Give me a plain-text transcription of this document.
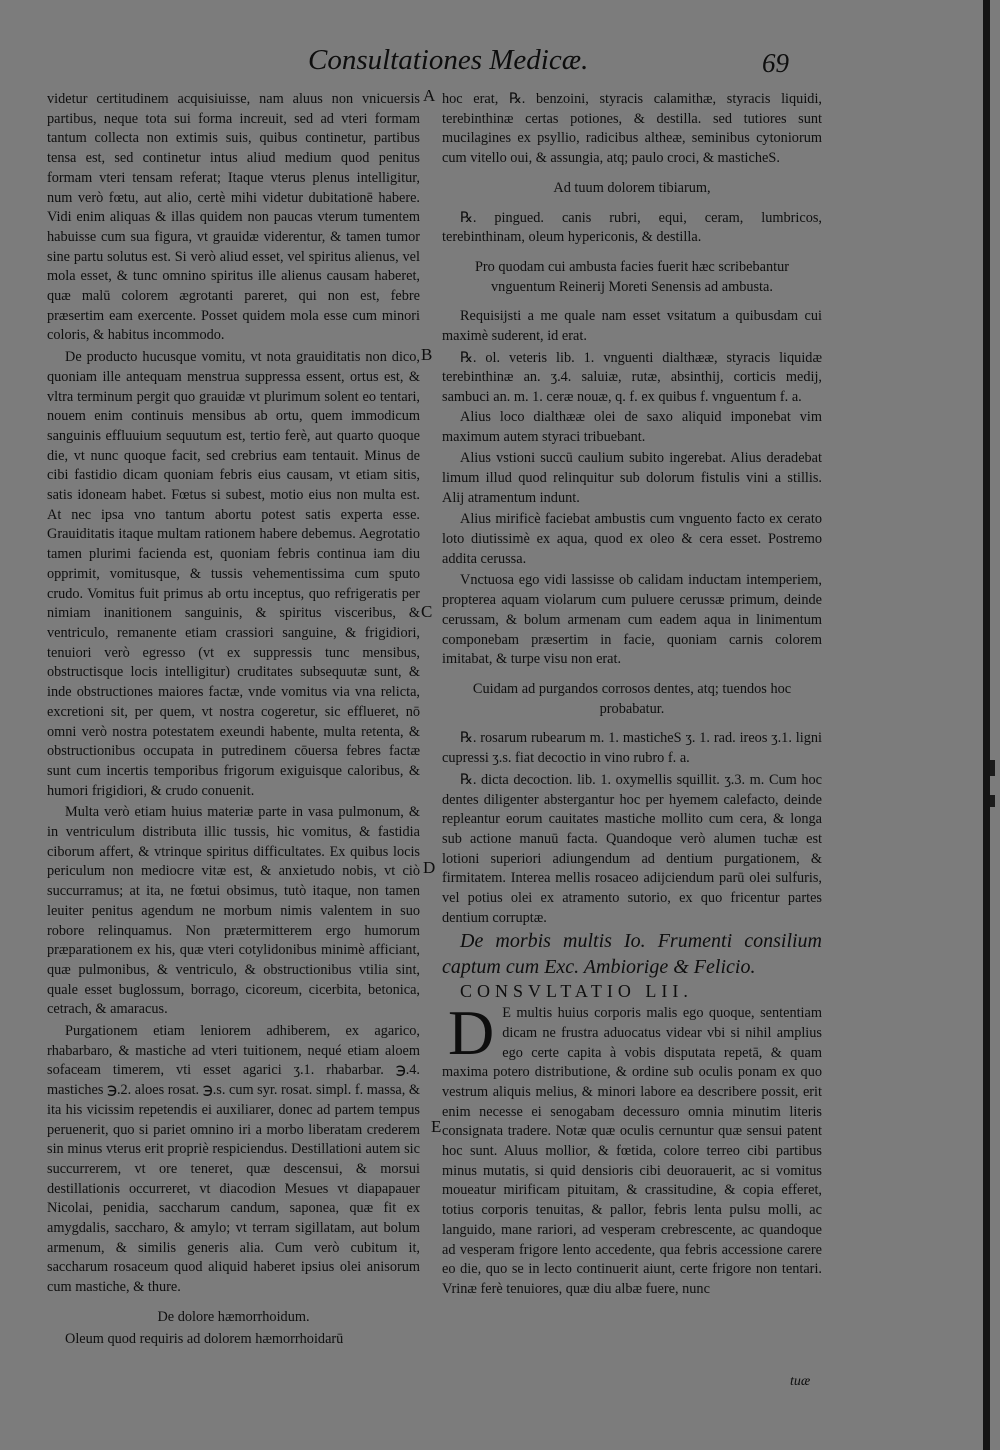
Consultationes Medicæ.	69
A
B
C
D
E

videtur certitudinem acquisiuisse, nam aluus non vnicuersis partibus, neque tota sui forma increuit, sed ad vteri formam tantum collecta non extimis suis, quibus continetur, partibus tensa est, sed continetur intus aliud medium quod penitus formam vteri tensam referat; Itaque vterus plenus intelligitur, num verò fœtu, aut alio, certè mihi videtur dubitationē habere. Vidi enim aliquas & illas quidem non paucas vterum tumentem habuisse cum sua figura, vt grauidæ viderentur, & tamen tumor sine partu solutus est. Si verò aliud esset, vel spiritus alienus, vel mola esset, & tunc omnino spiritus ille alienus causam haberet, quæ malū colorem ægrotanti pareret, qui non est, febre præsertim eam exercente. Posset quidem mola esse cum minori coloris, & habitus incommodo.

De producto hucusque vomitu, vt nota grauiditatis non dico, quoniam ille antequam menstrua suppressa essent, ortus est, & vltra terminum pergit quo grauidæ vt plurimum solent eo tentari, nouem enim continuis mensibus ab ortu, quem immodicum sanguinis effluuium sequutum est, tertio ferè, aut quarto quoque die, vt nunc quoque facit, sed crebrius eam tentauit. Minus de cibi fastidio dicam quoniam febris eius causam, vt etiam sitis, satis idoneam habet. Fœtus si subest, motio eius non multa est. At nec ipsa vno tantum abortu potest satis experta esse. Grauiditatis itaque multam rationem habere debemus. Aegrotatio tamen plurimi facienda est, quoniam febris continua iam diu opprimit, vomitusque, & tussis vehementissima cum sputo crudo. Vomitus fuit primus ab ortu inceptus, quo refrigeratis per nimiam inanitionem sanguinis, & spiritus visceribus, & ventriculo, remanente etiam crassiori sanguine, & frigidiori, tenuiori verò egresso (vt ex suppressis tunc mensibus, obstructisque locis intelligitur) cruditates subsequutæ sunt, & inde obstructiones maiores factæ, vnde vomitus via vna relicta, excretioni sit, per quem, vt nostra cogeretur, sic efflueret, nō omni verò nostra potestatem exeundi habente, multa retenta, & obstructionibus occupata in putredinem cōuersa febres factæ sunt cum incertis temporibus frigorum exiguisque caloribus, & humori frigidiori, & crudo conuenit.

Multa verò etiam huius materiæ parte in vasa pulmonum, & in ventriculum distributa illic tussis, hic vomitus, & fastidia ciborum affert, & vtrinque spiritus difficultates. Ex quibus locis periculum non mediocre vitæ est, & anxietudo nobis, vt ciò succurramus; at ita, ne fœtui obsimus, tutò itaque, non tamen leuiter penitus agendum ne morbum nimis valentem in suo robore relinquamus. Non prætermitterem ergo humorum præparationem ex his, quæ vteri cotylidonibus minimè afficiant, quæ pulmonibus, & ventriculo, & obstructionibus vtilia sint, quale esset buglossum, borrago, cicoreum, cicerbita, betonica, cetrach, & amaracus.

Purgationem etiam leniorem adhiberem, ex agarico, rhabarbaro, & mastiche ad vteri tuitionem, nequé etiam aloem sofaceam timerem, vti esset agarici ʒ.1. rhabarbar. ℈.4. mastiches ℈.2. aloes rosat. ℈.s. cum syr. rosat. simpl. f. massa, & ita his vicissim repetendis ei auxiliarer, donec ad partem tempus peruenerit, quo si pariet omnino iri a morbo liberatam crederem sin minus vterus erit propriè respiciendus. Destillationi autem sic succurrerem, vt ore teneret, quæ descensui, & morsui destillationis occurreret, vt diacodion Mesues vt diapapauer Nicolai, penidia, saccharum candum, saponea, quæ fit ex amygdalis, saccharo, & amylo; vt terram sigillatam, aut bolum armenum, & similis generis alia. Cum verò cubitum it, saccharum rosaceum quod aliquid haberet ipsius olei anisorum cum mastiche, & thure.

De dolore hæmorrhoidum.

Oleum quod requiris ad dolorem hæmorrhoidarū

hoc erat, ℞. benzoini, styracis calamithæ, styracis liquidi, terebinthinæ certas potiones, & destilla. sed tutiores sunt mucilagines ex psyllio, radicibus altheæ, seminibus cytoniorum cum vitello oui, & assungia, atq; paulo croci, & masticheS.

Ad tuum dolorem tibiarum,

℞. pingued. canis rubri, equi, ceram, lumbricos, terebinthinam, oleum hypericonis, & destilla.

Pro quodam cui ambusta facies fuerit hæc scribebantur vnguentum Reinerij Moreti Senensis ad ambusta.

Requisijsti a me quale nam esset vsitatum a quibusdam cui maximè suderent, id erat.

℞. ol. veteris lib. 1. vnguenti dialthææ, styracis liquidæ terebinthinæ an. ʒ.4. saluiæ, rutæ, absinthij, corticis medij, sambuci an. m. 1. ceræ nouæ, q. f. ex quibus f. vnguentum f. a.

Alius loco dialthææ olei de saxo aliquid imponebat vim maximum autem styraci tribuebant.

Alius vstioni succū caulium subito ingerebat. Alius deradebat limum illud quod relinquitur sub dolorum fistulis vini a stillis. Alij atramentum indunt.

Alius mirificè faciebat ambustis cum vnguento facto ex cerato loto diutissimè ex aqua, quod ex oleo & cera esset. Postremo addita cerussa.

Vnctuosa ego vidi lassisse ob calidam inductam intemperiem, propterea aquam violarum cum puluere cerussæ primum, deinde cerussam, & bolum armenam cum eadem aqua in linimentum componebam præsertim in facie, quoniam carnis colorem imitabat, & turpe visu non erat.

Cuidam ad purgandos corrosos dentes, atq; tuendos hoc probabatur.

℞. rosarum rubearum m. 1. masticheS ʒ. 1. rad. ireos ʒ.1. ligni cupressi ʒ.s. fiat decoctio in vino rubro f. a.

℞. dicta decoction. lib. 1. oxymellis squillit. ʒ.3. m. Cum hoc dentes diligenter abstergantur hoc per hyemem calefacto, deinde repleantur eorum cauitates mastiche mollito cum cera, & longa sub actione manuū facta. Quandoque verò alumen tuchæ est lotioni superiori adiungendum ad dentium purgationem, & firmitatem. Interea mellis rosaceo adijciendum parū olei sulfuris, vel potius olei ex atramento sutorio, ex quo fricentur partes dentium corruptæ.

De morbis multis Io. Frumenti consilium captum cum Exc. Ambiorige & Felicio.

CONSVLTATIO LII.

D E multis huius corporis malis ego quoque, sententiam dicam ne frustra aduocatus videar vbi si nihil amplius ego certe capita à vobis disputata repetā, & quam maxima potero distributione, & ordine sub oculis ponam ex quo vestrum aliquis melius, & minori labore ea describere possit, erit enim necesse ei senogabam decessuro omnia minutim literis consignata tradere. Notæ quæ oculis cernuntur quæ sensui patent hoc sunt. Aluus mollior, & fœtida, colore terreo cibi partibus minus mutatis, si quid densioris cibi deuorauerit, ac si vomitus moueatur mirificam pituitam, & crassitudine, & copia efferet, totius corporis tenuitas, & pallor, febris lenta pulsu molli, ac languido, mane rariori, ad vesperam crebrescente, ac quandoque ad vesperam frigore lento accedente, qua febris accessione carere eo die, quo se in lecto continuerit aiunt, certe frigore non tentari. Vrinæ ferè tenuiores, quæ diu albæ fuere, nunc

tuæ
